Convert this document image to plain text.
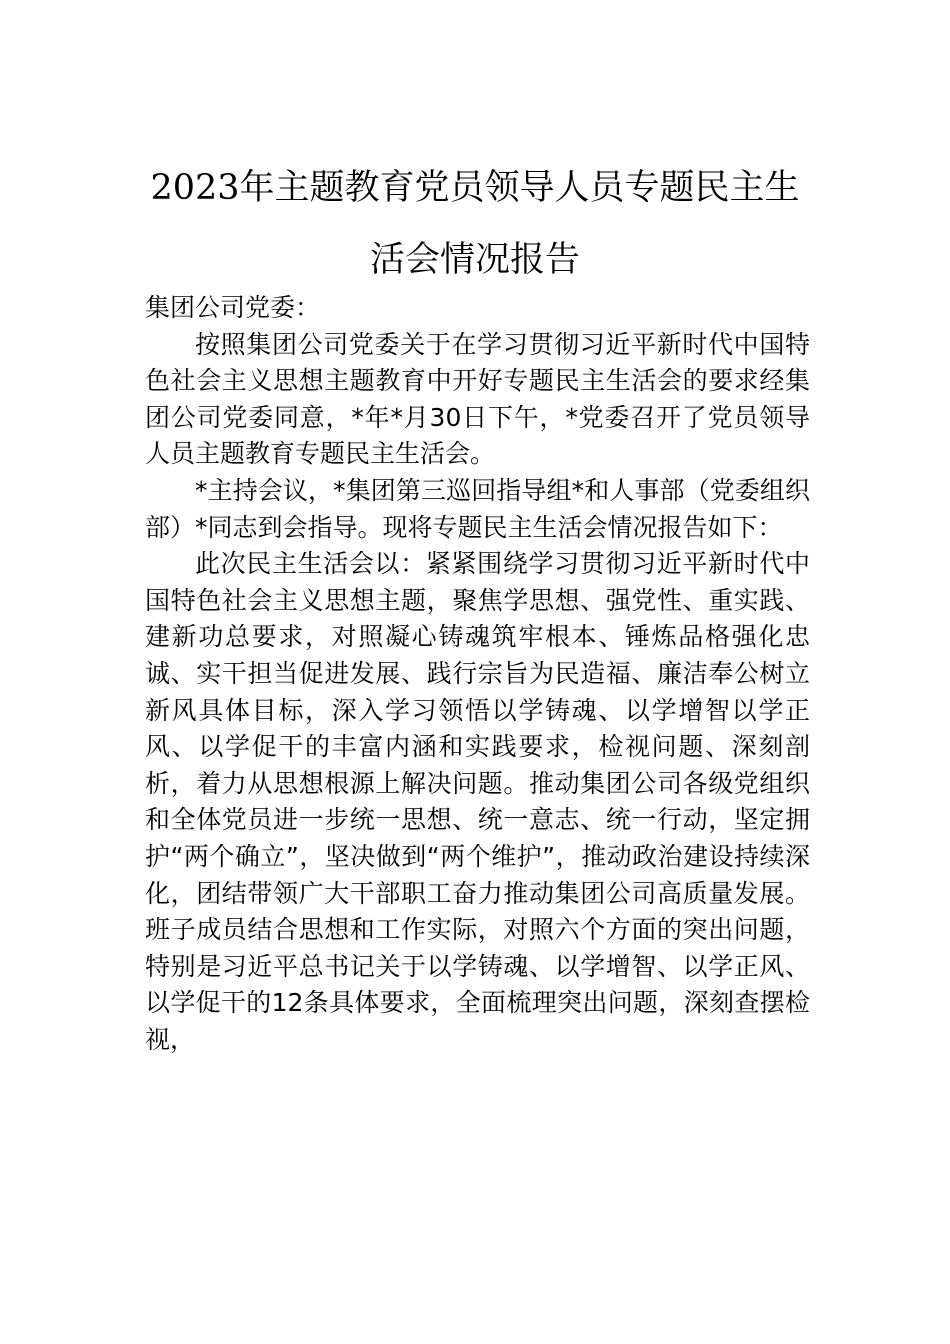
2023年主题教育党员领导人员专题民主生
活会情况报告

集团公司党委：

按照集团公司党委关于在学习贯彻习近平新时代中国特色社会主义思想主题教育中开好专题民主生活会的要求经集团公司党委同意，*年*月30日下午，*党委召开了党员领导人员主题教育专题民主生活会。

*主持会议，*集团第三巡回指导组*和人事部（党委组织部）*同志到会指导。现将专题民主生活会情况报告如下：

此次民主生活会以：紧紧围绕学习贯彻习近平新时代中国特色社会主义思想主题，聚焦学思想、强党性、重实践、建新功总要求，对照凝心铸魂筑牢根本、锤炼品格强化忠诚、实干担当促进发展、践行宗旨为民造福、廉洁奉公树立新风具体目标，深入学习领悟以学铸魂、以学增智以学正风、以学促干的丰富内涵和实践要求，检视问题、深刻剖析，着力从思想根源上解决问题。推动集团公司各级党组织和全体党员进一步统一思想、统一意志、统一行动，坚定拥护“两个确立”，坚决做到“两个维护”，推动政治建设持续深化，团结带领广大干部职工奋力推动集团公司高质量发展。班子成员结合思想和工作实际，对照六个方面的突出问题，特别是习近平总书记关于以学铸魂、以学增智、以学正风、以学促干的12条具体要求，全面梳理突出问题，深刻查摆检视，
